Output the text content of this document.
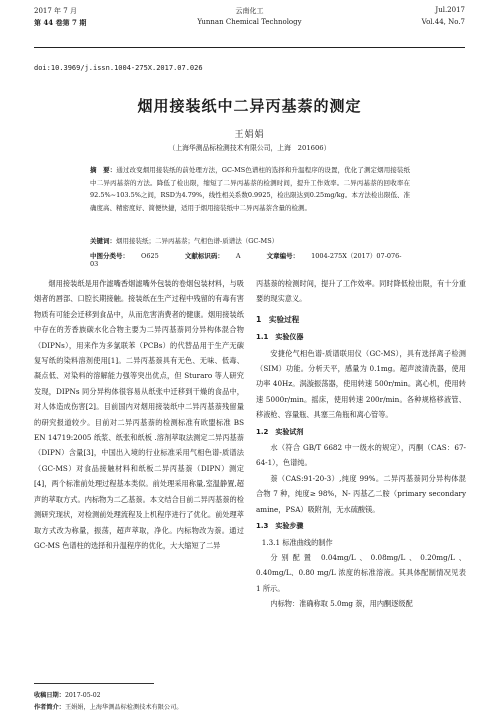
2017 年 7 月	云南化工	Jul.2017
第 44 卷第 7 期	Yunnan Chemical Technology	Vol.44, No.7
doi:10.3969/j.issn.1004-275X.2017.07.026
烟用接装纸中二异丙基萘的测定
王娟娟
（上海华测品标检测技术有限公司，上海　201606）
摘　要：通过改变烟用接装纸的前处理方法，GC-MS色谱柱的选择和升温程序的设置，优化了测定烟用接装纸中二异丙基萘的方法。降低了检出限，缩短了二异丙基萘的检测时间，提升工作效率。二异丙基萘的回收率在92.5%~103.5%之间，RSD为4.79%，线性相关系数0.9925，检出限达到0.25mg/kg。本方法检出限低、准确度高、精密度好、简便快捷，适用于烟用接装纸中二异丙基萘含量的检测。
关键词：烟用接装纸；二异丙基萘；气相色谱-质谱法（GC-MS）
中图分类号： O625	文献标识码： A	文章编号： 1004-275X（2017）07-076-03

烟用接装纸是用作滤嘴香烟滤嘴外包装的卷烟包装材料，与吸烟者的唇部、口腔长期接触。接装纸在生产过程中残留的有毒有害物质有可能会迁移到食品中，从而危害消费者的健康。烟用接装纸中存在的芳香族碳水化合物主要为二异丙基萘同分异构体混合物（DIPNs），用来作为多氯联苯（PCBs）的代替品用于生产无碳复写纸的染料溶剂使用[1]。二异丙基萘具有无色、无味、低毒、凝点低、对染料的溶解能力强等突出优点，但 Sturaro 等人研究发现，DIPNs 同分异构体很容易从纸张中迁移到干燥的食品中，对人体造成伤害[2]。目前国内对烟用接装纸中二异丙基萘残留量的研究报道较少。目前对二异丙基萘的检测标准有欧盟标准 BS EN 14719:2005 纸浆、纸张和纸板 .溶剂萃取法测定二异丙基萘（DIPN）含量[3]，中国出入境的行业标准采用气相色谱-质谱法（GC-MS）对食品接触材料和纸板二异丙基萘（DIPN）测定[4]，两个标准前处理过程基本类似。前处理采用称量,室温静置,超声的萃取方式。内标物为二乙基萘。本文结合目前二异丙基萘的检测研究现状，对检测前处理流程及上机程序进行了优化。前处理萃取方式改为称量，振荡，超声萃取，净化。内标物改为萘。通过 GC-MS 色谱柱的选择和升温程序的优化，大大缩短了二异

丙基萘的检测时间，提升了工作效率。同时降低检出限，有十分重要的现实意义。

1　实验过程
1.1　实验仪器

安捷伦气相色谱-质谱联用仪（GC-MS），具有选择离子检测（SIM）功能。分析天平，感量为 0.1mg。超声波清洗器，使用功率 40Hz。涡漩振荡器，使用转速 500r/min。离心机，使用转速 5000r/min。摇床，使用转速 200r/min。各种规格移液管、移液枪、容量瓶、具塞三角瓶和离心管等。

1.2　实验试剂

水（符合 GB/T 6682 中一级水的规定），丙酮（CAS：67-64-1），色谱纯。

萘（CAS:91-20-3）,纯度 99%。二异丙基萘同分异构体混合物 7 种，纯度≥ 98%，N- 丙基乙二胺（primary secondary amine，PSA）吸附剂，无水硫酸镁。

1.3　实验步骤

1.3.1 标准曲线的制作

分别配置 0.04mg/L、0.08mg/L、0.20mg/L、0.40mg/L、0.80 mg/L 浓度的标准溶液。其具体配制情况见表 1 所示。

内标物：准确称取 5.0mg 萘，用内酮逐级配

收稿日期：2017-05-02
作者简介：王娟娟，上海华测品标检测技术有限公司。
